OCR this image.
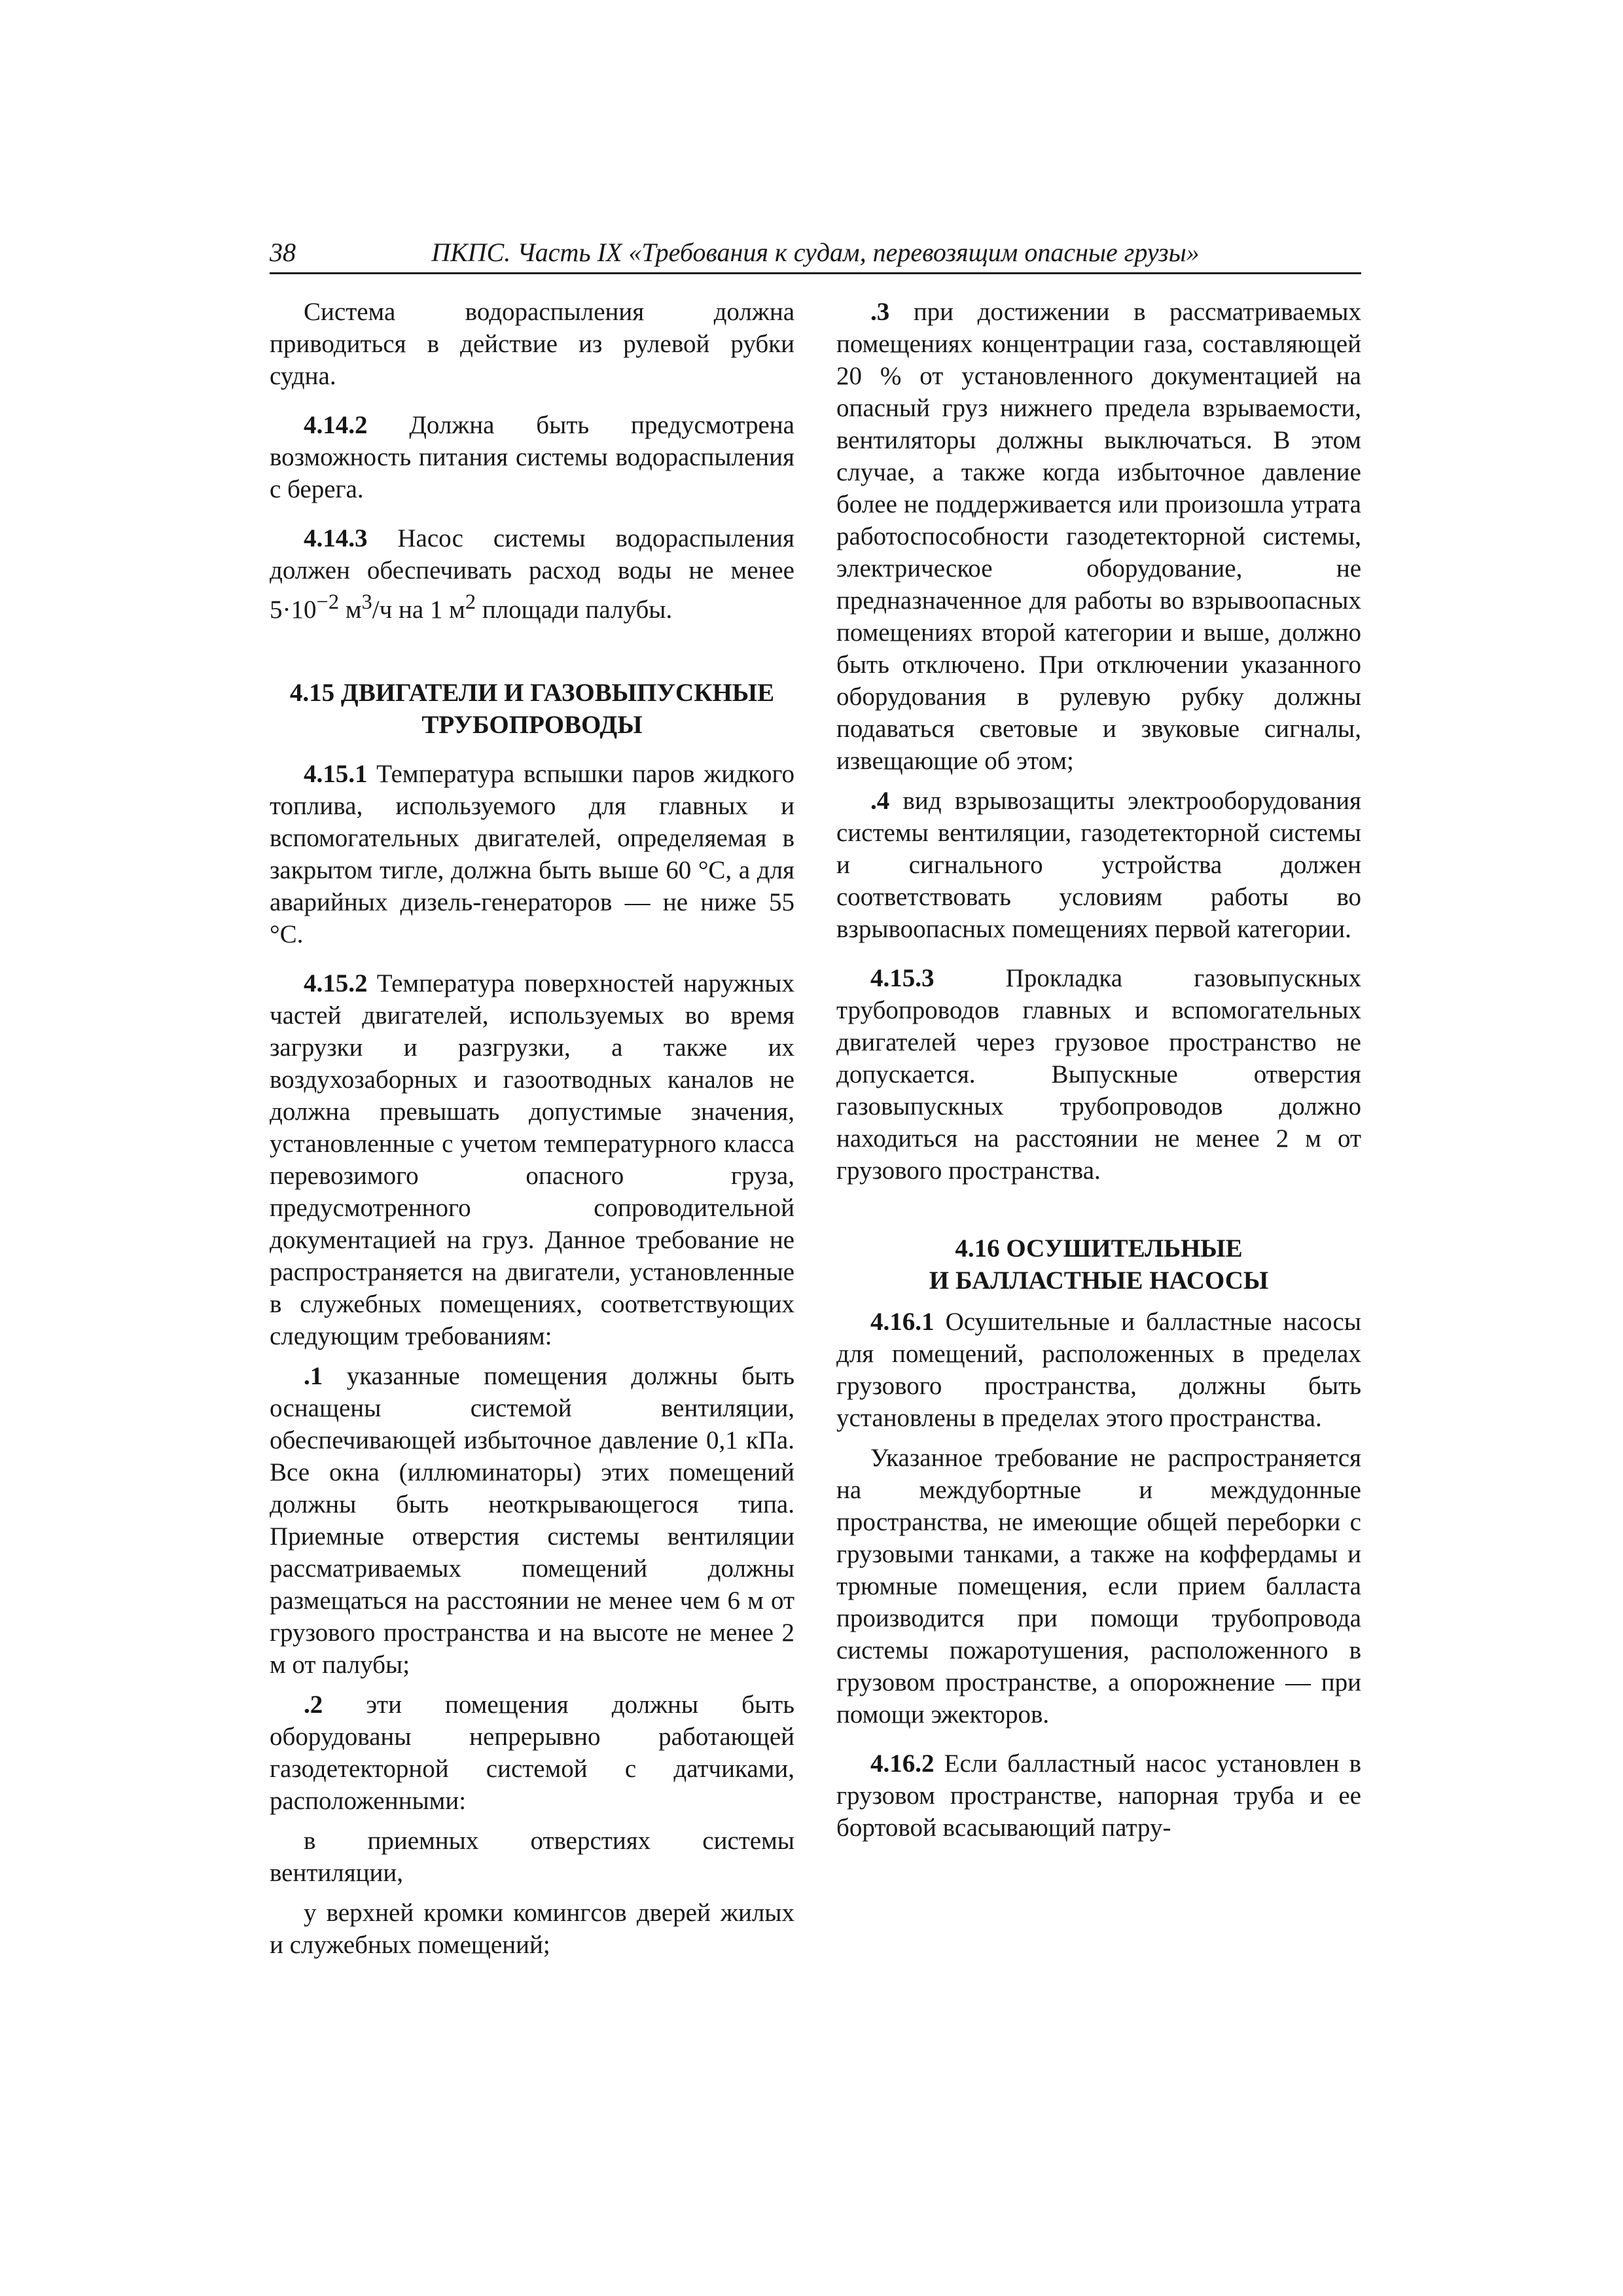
38	ПКПС. Часть IX «Требования к судам, перевозящим опасные грузы»

Система водораспыления должна приводиться в действие из рулевой рубки судна.

4.14.2 Должна быть предусмотрена возможность питания системы водораспыления с берега.

4.14.3 Насос системы водораспыления должен обеспечивать расход воды не менее $5\cdot 10^{-2}$ $м^3/ч$ на 1 $м^2$ площади палубы.

4.15 ДВИГАТЕЛИ И ГАЗОВЫПУСКНЫЕ
ТРУБОПРОВОДЫ

4.15.1 Температура вспышки паров жидкого топлива, используемого для главных и вспомогательных двигателей, определяемая в закрытом тигле, должна быть выше 60 °C, а для аварийных дизель-генераторов — не ниже 55 °C.

4.15.2 Температура поверхностей наружных частей двигателей, используемых во время загрузки и разгрузки, а также их воздухозаборных и газоотводных каналов не должна превышать допустимые значения, установленные с учетом температурного класса перевозимого опасного груза, предусмотренного сопроводительной документацией на груз. Данное требование не распространяется на двигатели, установленные в служебных помещениях, соответствующих следующим требованиям:

.1 указанные помещения должны быть оснащены системой вентиляции, обеспечивающей избыточное давление 0,1 кПа. Все окна (иллюминаторы) этих помещений должны быть неоткрывающегося типа. Приемные отверстия системы вентиляции рассматриваемых помещений должны размещаться на расстоянии не менее чем 6 м от грузового пространства и на высоте не менее 2 м от палубы;

.2 эти помещения должны быть оборудованы непрерывно работающей газодетекторной системой с датчиками, расположенными:

в приемных отверстиях системы вентиляции,

у верхней кромки комингсов дверей жилых и служебных помещений;

.3 при достижении в рассматриваемых помещениях концентрации газа, составляющей 20 % от установленного документацией на опасный груз нижнего предела взрываемости, вентиляторы должны выключаться. В этом случае, а также когда избыточное давление более не поддерживается или произошла утрата работоспособности газодетекторной системы, электрическое оборудование, не предназначенное для работы во взрывоопасных помещениях второй категории и выше, должно быть отключено. При отключении указанного оборудования в рулевую рубку должны подаваться световые и звуковые сигналы, извещающие об этом;

.4 вид взрывозащиты электрооборудования системы вентиляции, газодетекторной системы и сигнального устройства должен соответствовать условиям работы во взрывоопасных помещениях первой категории.

4.15.3 Прокладка газовыпускных трубопроводов главных и вспомогательных двигателей через грузовое пространство не допускается. Выпускные отверстия газовыпускных трубопроводов должно находиться на расстоянии не менее 2 м от грузового пространства.

4.16 ОСУШИТЕЛЬНЫЕ
И БАЛЛАСТНЫЕ НАСОСЫ

4.16.1 Осушительные и балластные насосы для помещений, расположенных в пределах грузового пространства, должны быть установлены в пределах этого пространства.

Указанное требование не распространяется на междубортные и междудонные пространства, не имеющие общей переборки с грузовыми танками, а также на коффердамы и трюмные помещения, если прием балласта производится при помощи трубопровода системы пожаротушения, расположенного в грузовом пространстве, а опорожнение — при помощи эжекторов.

4.16.2 Если балластный насос установлен в грузовом пространстве, напорная труба и ее бортовой всасывающий патру-
